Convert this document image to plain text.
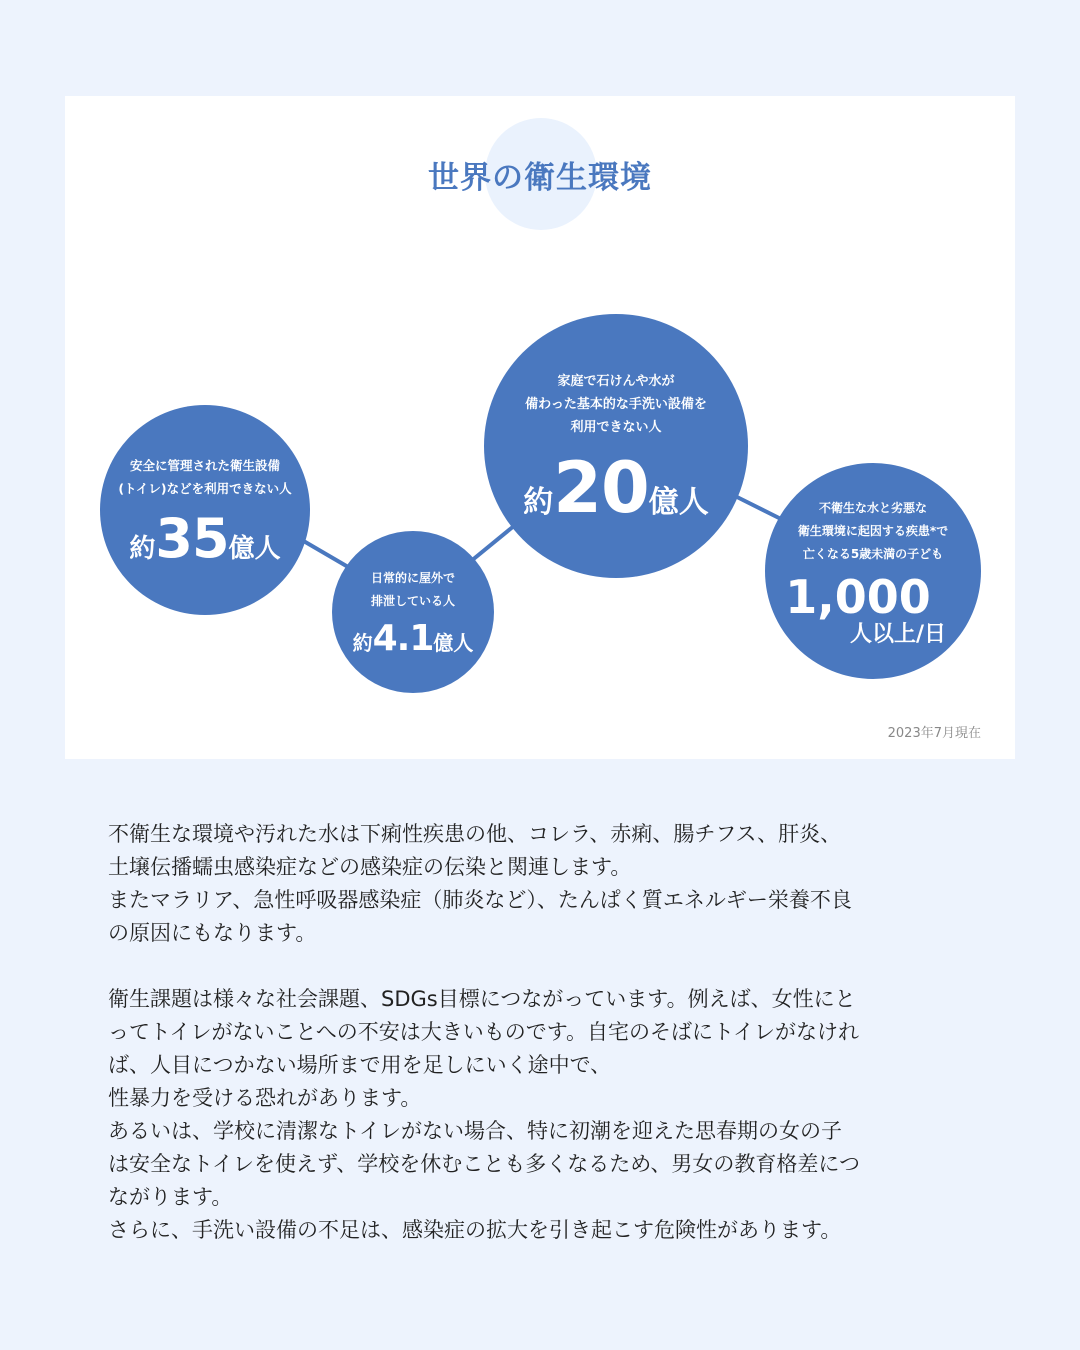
世界の衛生環境
安全に管理された衛生設備
(トイレ)などを利用できない人
約35億人
日常的に屋外で
排泄している人
約4.1億人
家庭で石けんや水が
備わった基本的な手洗い設備を
利用できない人
約20億人	不衛生な水と劣悪な
衛生環境に起因する疾患*で
亡くなる5歳未満の子ども
1,000
人以上/日
2023年7月現在

不衛生な環境や汚れた水は下痢性疾患の他、コレラ、赤痢、腸チフス、肝炎、

土壌伝播蠕虫感染症などの感染症の伝染と関連します。

またマラリア、急性呼吸器感染症（肺炎など）、たんぱく質エネルギー栄養不良

の原因にもなります。

衛生課題は様々な社会課題、SDGs目標につながっています。例えば、女性にと

ってトイレがないことへの不安は大きいものです。自宅のそばにトイレがなけれ

ば、人目につかない場所まで用を足しにいく途中で、

性暴力を受ける恐れがあります。

あるいは、学校に清潔なトイレがない場合、特に初潮を迎えた思春期の女の子

は安全なトイレを使えず、学校を休むことも多くなるため、男女の教育格差につ

ながります。

さらに、手洗い設備の不足は、感染症の拡大を引き起こす危険性があります。
